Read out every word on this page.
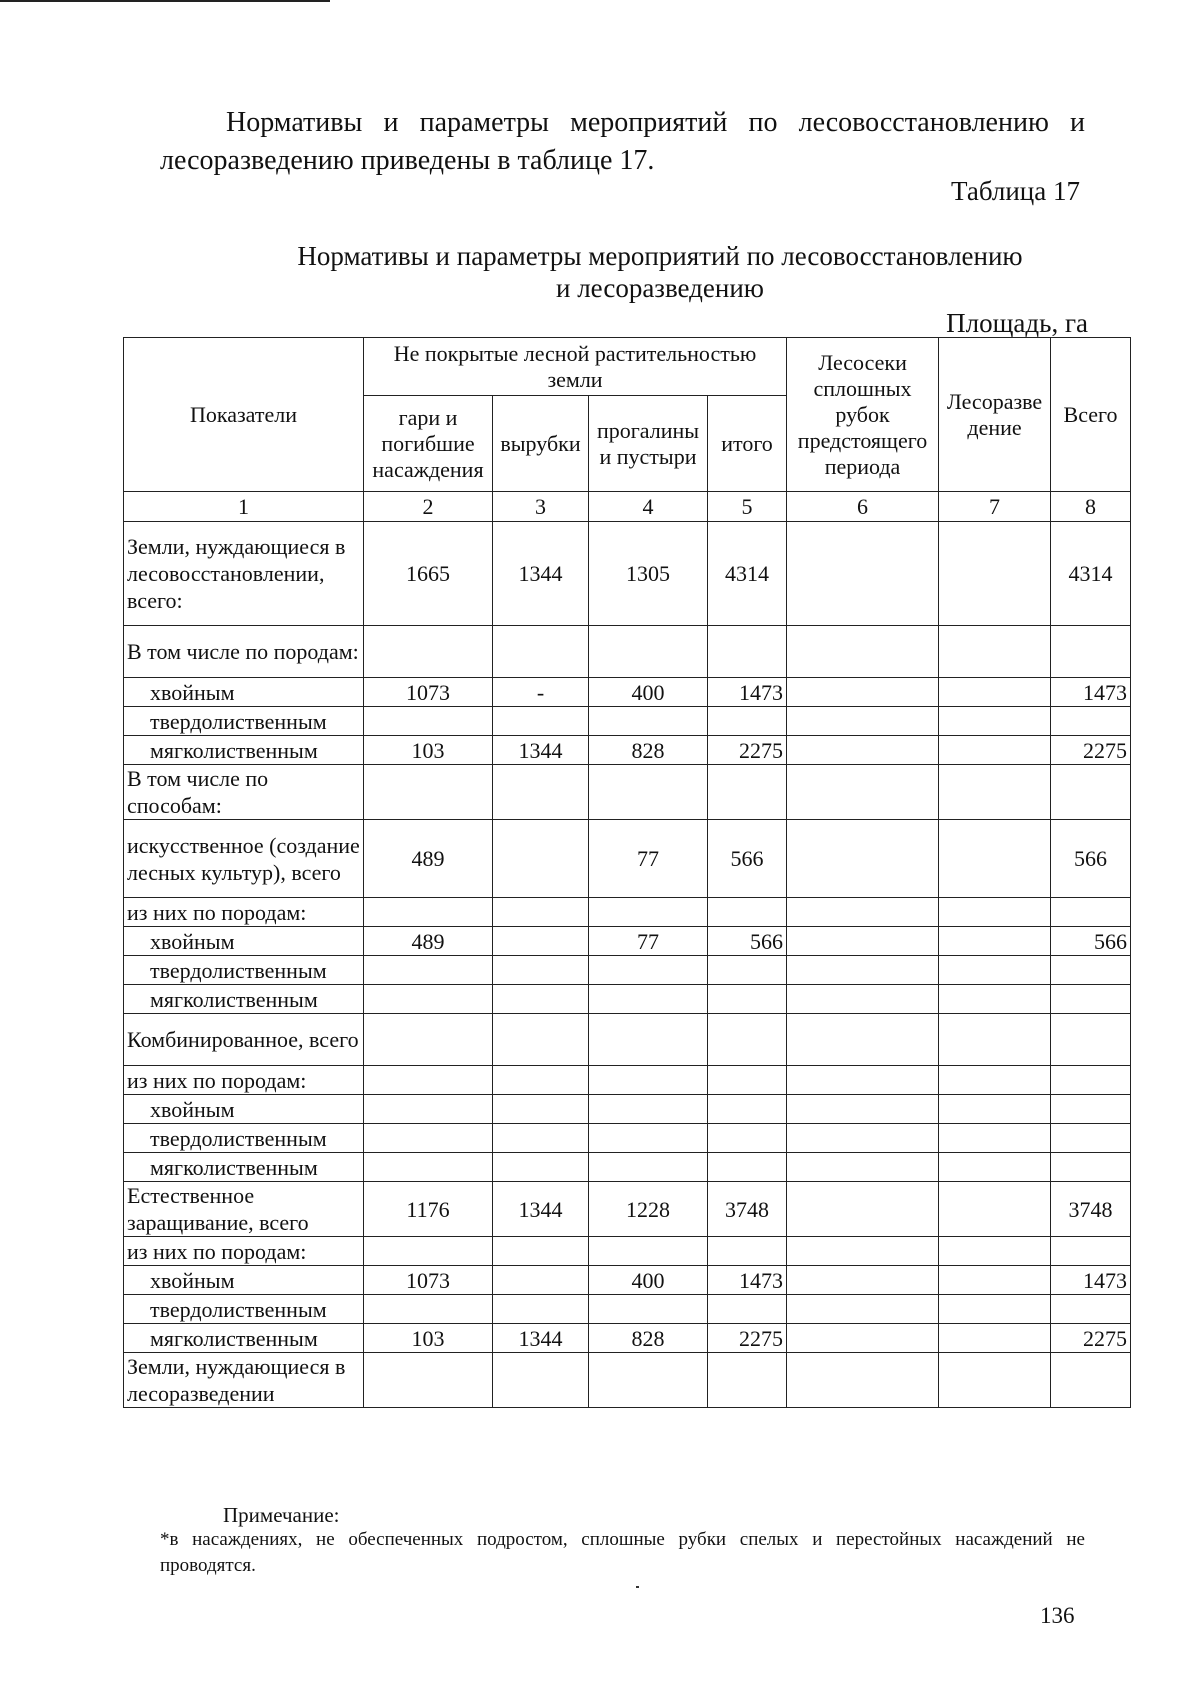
Нормативы и параметры мероприятий по лесовосстановлению и лесоразведению приведены в таблице 17.
Таблица 17
Нормативы и параметры мероприятий по лесовосстановлению
и лесоразведению
Площадь, га
Показатели	Не покрытые лесной растительностью земли				Лесосеки сплошных рубок предстоящего периода	Лесоразведение	Всего
	гари и погибшие насаждения	вырубки	прогалины и пустыри	итого			
1	2	3	4	5	6	7	8
Земли, нуждающиеся в лесовосстановлении, всего:	1665	1344	1305	4314			4314
В том числе по породам:							
хвойным	1073	-	400	1473			1473
твердолиственным							
мягколиственным	103	1344	828	2275			2275
В том числе по способам:							
искусственное (создание лесных культур), всего	489		77	566			566
из них по породам:							
хвойным	489		77	566			566
твердолиственным							
мягколиственным							
Комбинированное, всего							
из них по породам:							
хвойным							
твердолиственным							
мягколиственным							
Естественное заращивание, всего	1176	1344	1228	3748			3748
из них по породам:							
хвойным	1073		400	1473			1473
твердолиственным							
мягколиственным	103	1344	828	2275			2275
Земли, нуждающиеся в лесоразведении							
Примечание:
*в насаждениях, не обеспеченных подростом, сплошные рубки спелых и перестойных насаждений не проводятся.
136
